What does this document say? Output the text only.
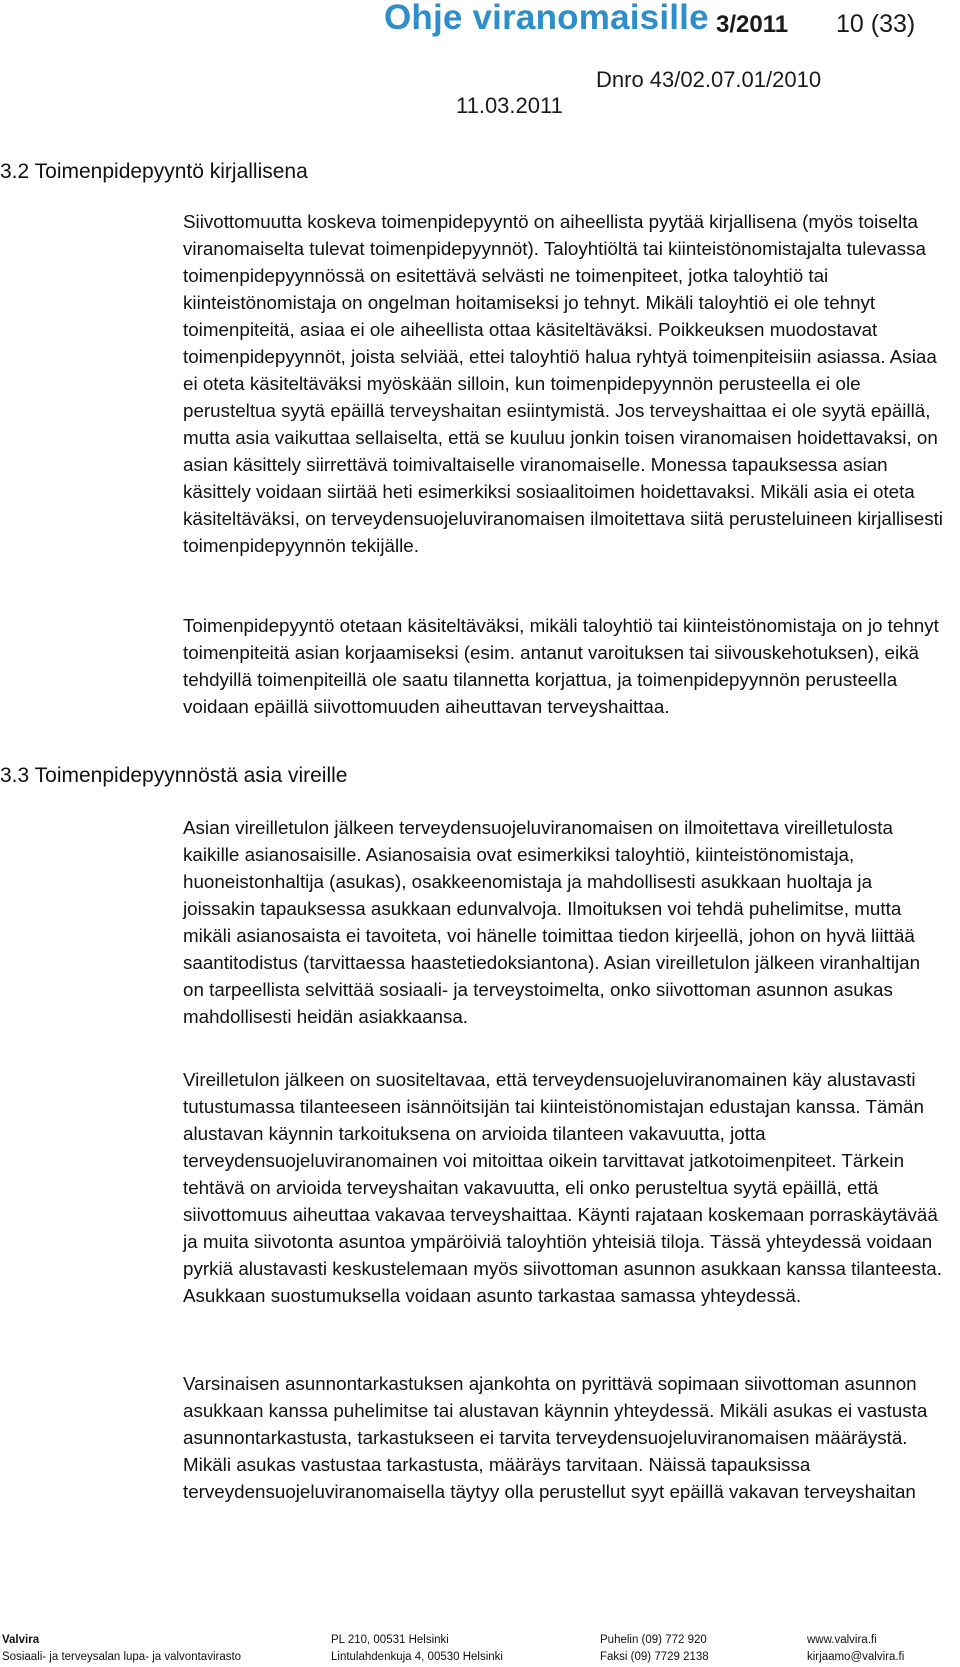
Ohje viranomaisille 3/2011 10 (33)
Dnro 43/02.07.01/2010
11.03.2011
3.2 Toimenpidepyyntö kirjallisena
Siivottomuutta koskeva toimenpidepyyntö on aiheellista pyytää kirjallisena (myös toiselta viranomaiselta tulevat toimenpidepyynnöt). Taloyhtiöltä tai kiinteistönomistajalta tulevassa toimenpidepyynnössä on esitettävä selvästi ne toimenpiteet, jotka taloyhtiö tai kiinteistönomistaja on ongelman hoitamiseksi jo tehnyt. Mikäli taloyhtiö ei ole tehnyt toimenpiteitä, asiaa ei ole aiheellista ottaa käsiteltäväksi. Poikkeuksen muodostavat toimenpidepyynnöt, joista selviää, ettei taloyhtiö halua ryhtyä toimenpiteisiin asiassa. Asiaa ei oteta käsiteltäväksi myöskään silloin, kun toimenpidepyynnön perusteella ei ole perusteltua syytä epäillä terveyshaitan esiintymistä. Jos terveyshaittaa ei ole syytä epäillä, mutta asia vaikuttaa sellaiselta, että se kuuluu jonkin toisen viranomaisen hoidettavaksi, on asian käsittely siirrettävä toimivaltaiselle viranomaiselle. Monessa tapauksessa asian käsittely voidaan siirtää heti esimerkiksi sosiaalitoimen hoidettavaksi. Mikäli asia ei oteta käsiteltäväksi, on terveydensuojeluviranomaisen ilmoitettava siitä perusteluineen kirjallisesti toimenpidepyynnön tekijälle.
Toimenpidepyyntö otetaan käsiteltäväksi, mikäli taloyhtiö tai kiinteistönomistaja on jo tehnyt toimenpiteitä asian korjaamiseksi (esim. antanut varoituksen tai siivouskehotuksen), eikä tehdyillä toimenpiteillä ole saatu tilannetta korjattua, ja toimenpidepyynnön perusteella voidaan epäillä siivottomuuden aiheuttavan terveyshaittaa.
3.3 Toimenpidepyynnöstä asia vireille
Asian vireilletulon jälkeen terveydensuojeluviranomaisen on ilmoitettava vireilletulosta kaikille asianosaisille. Asianosaisia ovat esimerkiksi taloyhtiö, kiinteistönomistaja, huoneistonhaltija (asukas), osakkeenomistaja ja mahdollisesti asukkaan huoltaja ja joissakin tapauksessa asukkaan edunvalvoja. Ilmoituksen voi tehdä puhelimitse, mutta mikäli asianosaista ei tavoiteta, voi hänelle toimittaa tiedon kirjeellä, johon on hyvä liittää saantitodistus (tarvittaessa haastetiedoksiantona). Asian vireilletulon jälkeen viranhaltijan on tarpeellista selvittää sosiaali- ja terveystoimelta, onko siivottoman asunnon asukas mahdollisesti heidän asiakkaansa.
Vireilletulon jälkeen on suositeltavaa, että terveydensuojeluviranomainen käy alustavasti tutustumassa tilanteeseen isännöitsijän tai kiinteistönomistajan edustajan kanssa. Tämän alustavan käynnin tarkoituksena on arvioida tilanteen vakavuutta, jotta terveydensuojeluviranomainen voi mitoittaa oikein tarvittavat jatkotoimenpiteet. Tärkein tehtävä on arvioida terveyshaitan vakavuutta, eli onko perusteltua syytä epäillä, että siivottomuus aiheuttaa vakavaa terveyshaittaa. Käynti rajataan koskemaan porraskäytävää ja muita siivotonta asuntoa ympäröiviä taloyhtiön yhteisiä tiloja. Tässä yhteydessä voidaan pyrkiä alustavasti keskustelemaan myös siivottoman asunnon asukkaan kanssa tilanteesta. Asukkaan suostumuksella voidaan asunto tarkastaa samassa yhteydessä.
Varsinaisen asunnontarkastuksen ajankohta on pyrittävä sopimaan siivottoman asunnon asukkaan kanssa puhelimitse tai alustavan käynnin yhteydessä. Mikäli asukas ei vastusta asunnontarkastusta, tarkastukseen ei tarvita terveydensuojeluviranomaisen määräystä. Mikäli asukas vastustaa tarkastusta, määräys tarvitaan. Näissä tapauksissa terveydensuojeluviranomaisella täytyy olla perustellut syyt epäillä vakavan terveyshaitan
Valvira
Sosiaali- ja terveysalan lupa- ja valvontavirasto
PL 210, 00531 Helsinki
Lintulahdenkuja 4, 00530 Helsinki
Puhelin (09) 772 920
Faksi (09) 7729 2138
www.valvira.fi
kirjaamo@valvira.fi
